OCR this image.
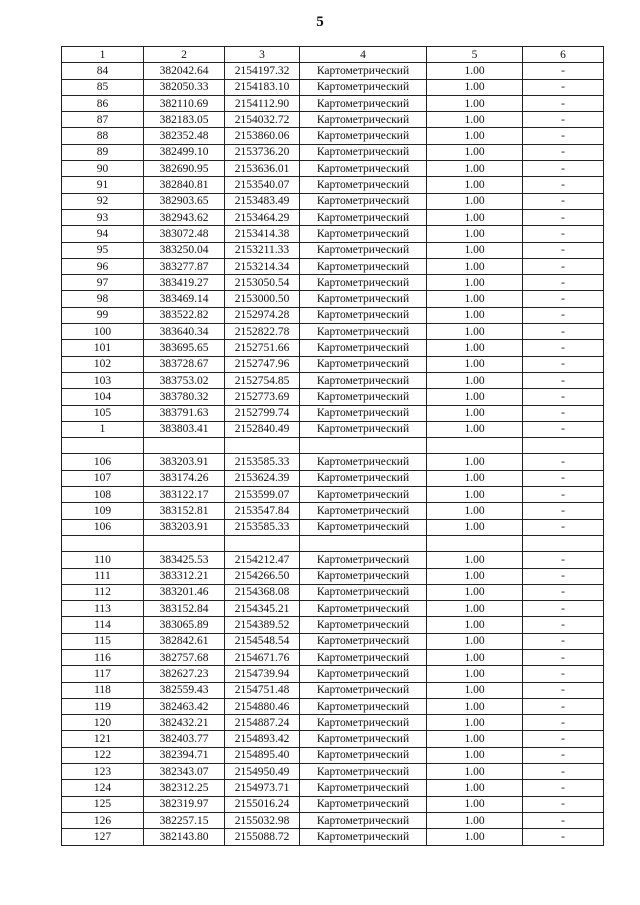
5
1	2	3	4	5	6
84	382042.64	2154197.32	Картометрический	1.00	-
85	382050.33	2154183.10	Картометрический	1.00	-
86	382110.69	2154112.90	Картометрический	1.00	-
87	382183.05	2154032.72	Картометрический	1.00	-
88	382352.48	2153860.06	Картометрический	1.00	-
89	382499.10	2153736.20	Картометрический	1.00	-
90	382690.95	2153636.01	Картометрический	1.00	-
91	382840.81	2153540.07	Картометрический	1.00	-
92	382903.65	2153483.49	Картометрический	1.00	-
93	382943.62	2153464.29	Картометрический	1.00	-
94	383072.48	2153414.38	Картометрический	1.00	-
95	383250.04	2153211.33	Картометрический	1.00	-
96	383277.87	2153214.34	Картометрический	1.00	-
97	383419.27	2153050.54	Картометрический	1.00	-
98	383469.14	2153000.50	Картометрический	1.00	-
99	383522.82	2152974.28	Картометрический	1.00	-
100	383640.34	2152822.78	Картометрический	1.00	-
101	383695.65	2152751.66	Картометрический	1.00	-
102	383728.67	2152747.96	Картометрический	1.00	-
103	383753.02	2152754.85	Картометрический	1.00	-
104	383780.32	2152773.69	Картометрический	1.00	-
105	383791.63	2152799.74	Картометрический	1.00	-
1	383803.41	2152840.49	Картометрический	1.00	-

106	383203.91	2153585.33	Картометрический	1.00	-
107	383174.26	2153624.39	Картометрический	1.00	-
108	383122.17	2153599.07	Картометрический	1.00	-
109	383152.81	2153547.84	Картометрический	1.00	-
106	383203.91	2153585.33	Картометрический	1.00	-

110	383425.53	2154212.47	Картометрический	1.00	-
111	383312.21	2154266.50	Картометрический	1.00	-
112	383201.46	2154368.08	Картометрический	1.00	-
113	383152.84	2154345.21	Картометрический	1.00	-
114	383065.89	2154389.52	Картометрический	1.00	-
115	382842.61	2154548.54	Картометрический	1.00	-
116	382757.68	2154671.76	Картометрический	1.00	-
117	382627.23	2154739.94	Картометрический	1.00	-
118	382559.43	2154751.48	Картометрический	1.00	-
119	382463.42	2154880.46	Картометрический	1.00	-
120	382432.21	2154887.24	Картометрический	1.00	-
121	382403.77	2154893.42	Картометрический	1.00	-
122	382394.71	2154895.40	Картометрический	1.00	-
123	382343.07	2154950.49	Картометрический	1.00	-
124	382312.25	2154973.71	Картометрический	1.00	-
125	382319.97	2155016.24	Картометрический	1.00	-
126	382257.15	2155032.98	Картометрический	1.00	-
127	382143.80	2155088.72	Картометрический	1.00	-
